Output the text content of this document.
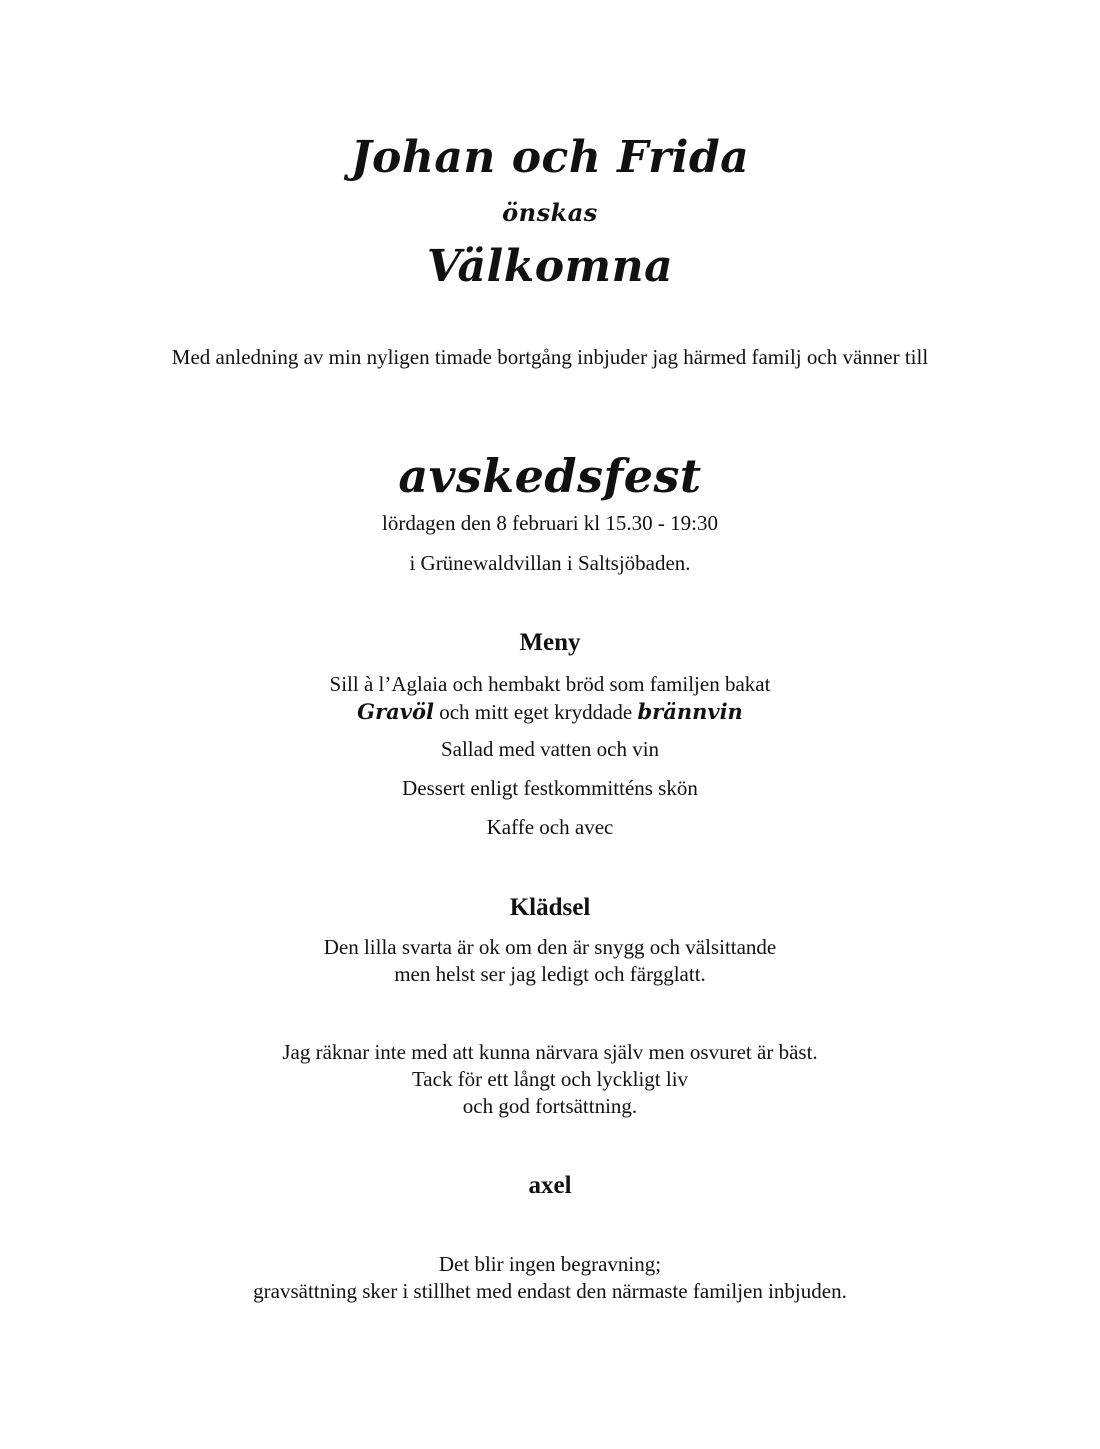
Johan och Frida
önskas
Välkomna

Med anledning av min nyligen timade bortgång inbjuder jag härmed familj och vänner till

avskedsfest

lördagen den 8 februari kl 15.30 - 19:30

i Grünewaldvillan i Saltsjöbaden.

Meny

Sill à l’Aglaia och hembakt bröd som familjen bakat

Gravöl och mitt eget kryddade brännvin

Sallad med vatten och vin

Dessert enligt festkommitténs skön

Kaffe och avec

Klädsel

Den lilla svarta är ok om den är snygg och välsittande

men helst ser jag ledigt och färgglatt.

Jag räknar inte med att kunna närvara själv men osvuret är bäst.

Tack för ett långt och lyckligt liv

och god fortsättning.

axel

Det blir ingen begravning;

gravsättning sker i stillhet med endast den närmaste familjen inbjuden.
